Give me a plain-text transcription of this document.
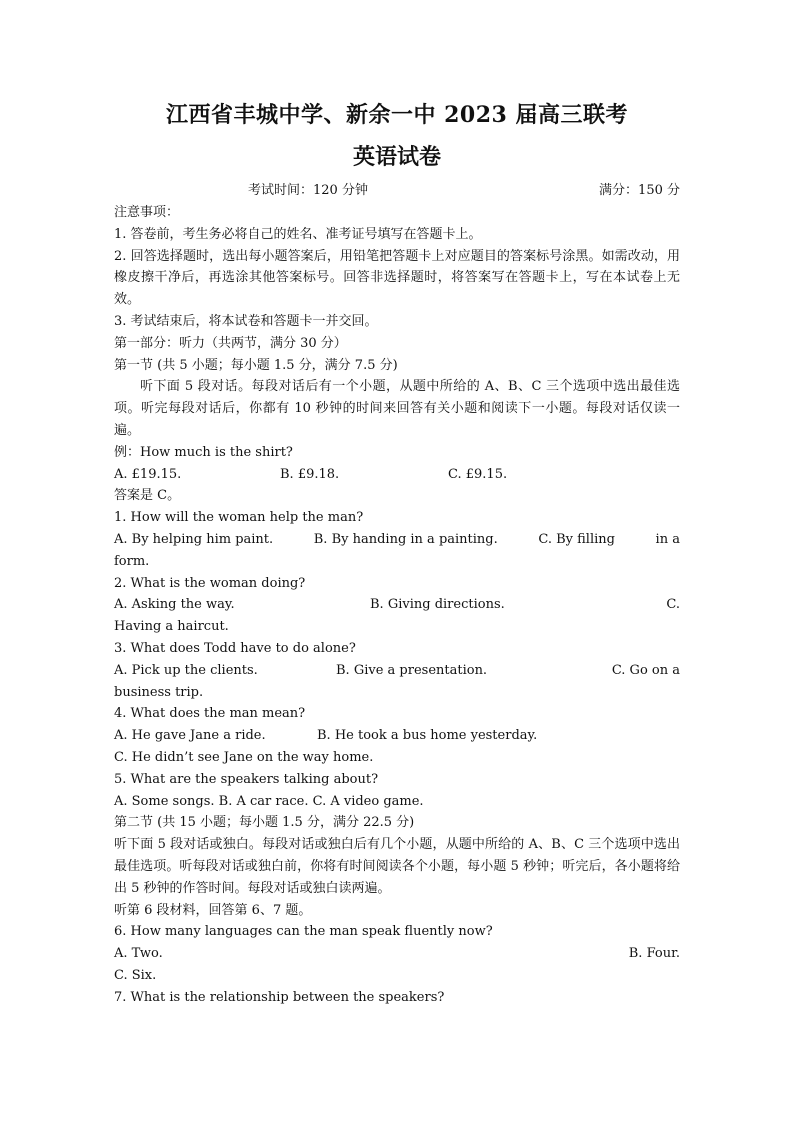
江西省丰城中学、新余一中 2023 届高三联考
英语试卷
考试时间：120 分钟	满分：150 分

注意事项：

1. 答卷前，考生务必将自己的姓名、准考证号填写在答题卡上。

2. 回答选择题时，选出每小题答案后，用铅笔把答题卡上对应题目的答案标号涂黑。如需改动，用橡皮擦干净后，再选涂其他答案标号。回答非选择题时，将答案写在答题卡上，写在本试卷上无效。

3. 考试结束后，将本试卷和答题卡一并交回。

第一部分：听力（共两节，满分 30 分）

第一节 (共 5 小题；每小题 1.5 分，满分 7.5 分)

听下面 5 段对话。每段对话后有一个小题，从题中所给的 A、B、C 三个选项中选出最佳选项。听完每段对话后，你都有 10 秒钟的时间来回答有关小题和阅读下一小题。每段对话仅读一遍。

例：How much is the shirt?

A. £19.15.	B. £9.18.	C. £9.15.

答案是 C。

1. How will the woman help the man?

A. By helping him paint.	B. By handing in a painting.	C. By filling	in a

form.

2. What is the woman doing?

A. Asking the way.	B. Giving directions.	C.

Having a haircut.

3. What does Todd have to do alone?

A. Pick up the clients.	B. Give a presentation.	C. Go on a

business trip.

4. What does the man mean?

A. He gave Jane a ride.	B. He took a bus home yesterday.

C. He didn’t see Jane on the way home.

5. What are the speakers talking about?

A. Some songs. B. A car race. C. A video game.

第二节 (共 15 小题；每小题 1.5 分，满分 22.5 分)

听下面 5 段对话或独白。每段对话或独白后有几个小题，从题中所给的 A、B、C 三个选项中选出最佳选项。听每段对话或独白前，你将有时间阅读各个小题，每小题 5 秒钟；听完后，各小题将给出 5 秒钟的作答时间。每段对话或独白读两遍。

听第 6 段材料，回答第 6、7 题。

6. How many languages can the man speak fluently now?

A. Two.	B. Four.

C. Six.

7. What is the relationship between the speakers?
